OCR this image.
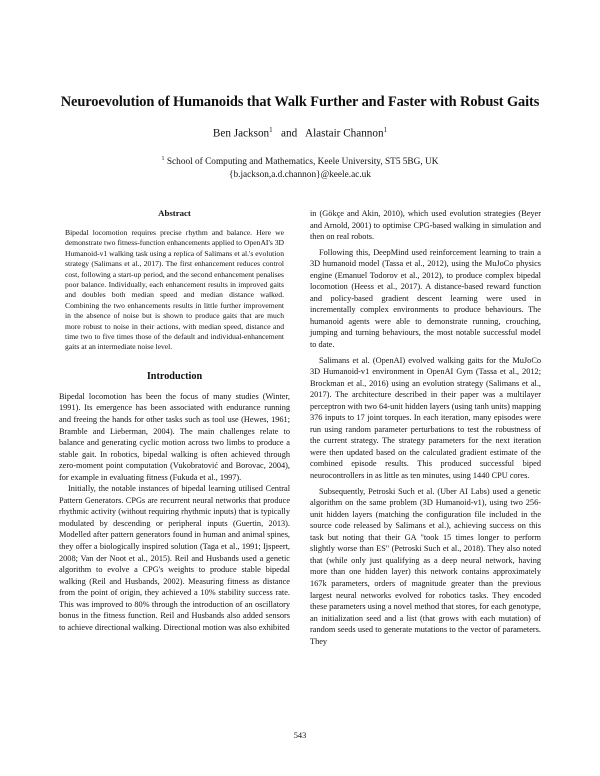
Neuroevolution of Humanoids that Walk Further and Faster with Robust Gaits
Ben Jackson$^1$ and Alastair Channon$^1$
$^1$ School of Computing and Mathematics, Keele University, ST5 5BG, UK
{b.jackson,a.d.channon}@keele.ac.uk
Abstract
Bipedal locomotion requires precise rhythm and balance. Here we demonstrate two fitness-function enhancements applied to OpenAI's 3D Humanoid-v1 walking task using a replica of Salimans et al.'s evolution strategy (Salimans et al., 2017). The first enhancement reduces control cost, following a start-up period, and the second enhancement penalises poor balance. Individually, each enhancement results in improved gaits and doubles both median speed and median distance walked. Combining the two enhancements results in little further improvement in the absence of noise but is shown to produce gaits that are much more robust to noise in their actions, with median speed, distance and time two to five times those of the default and individual-enhancement gaits at an intermediate noise level.
Introduction

Bipedal locomotion has been the focus of many studies (Winter, 1991). Its emergence has been associated with endurance running and freeing the hands for other tasks such as tool use (Hewes, 1961; Bramble and Lieberman, 2004). The main challenges relate to balance and generating cyclic motion across two limbs to produce a stable gait. In robotics, bipedal walking is often achieved through zero-moment point computation (Vukobratović and Borovac, 2004), for example in evaluating fitness (Fukuda et al., 1997).

Initially, the notable instances of bipedal learning utilised Central Pattern Generators. CPGs are recurrent neural networks that produce rhythmic activity (without requiring rhythmic inputs) that is typically modulated by descending or peripheral inputs (Guertin, 2013). Modelled after pattern generators found in human and animal spines, they offer a biologically inspired solution (Taga et al., 1991; Ijspeert, 2008; Van der Noot et al., 2015). Reil and Husbands used a genetic algorithm to evolve a CPG's weights to produce stable bipedal walking (Reil and Husbands, 2002). Measuring fitness as distance from the point of origin, they achieved a 10% stability success rate. This was improved to 80% through the introduction of an oscillatory bonus in the fitness function. Reil and Husbands also added sensors to achieve directional walking. Directional motion was also exhibited

in (Gökçe and Akin, 2010), which used evolution strategies (Beyer and Arnold, 2001) to optimise CPG-based walking in simulation and then on real robots.

Following this, DeepMind used reinforcement learning to train a 3D humanoid model (Tassa et al., 2012), using the MuJoCo physics engine (Emanuel Todorov et al., 2012), to produce complex bipedal locomotion (Heess et al., 2017). A distance-based reward function and policy-based gradient descent learning were used in incrementally complex environments to produce behaviours. The humanoid agents were able to demonstrate running, crouching, jumping and turning behaviours, the most notable successful model to date.

Salimans et al. (OpenAI) evolved walking gaits for the MuJoCo 3D Humanoid-v1 environment in OpenAI Gym (Tassa et al., 2012; Brockman et al., 2016) using an evolution strategy (Salimans et al., 2017). The architecture described in their paper was a multilayer perceptron with two 64-unit hidden layers (using tanh units) mapping 376 inputs to 17 joint torques. In each iteration, many episodes were run using random parameter perturbations to test the robustness of the current strategy. The strategy parameters for the next iteration were then updated based on the calculated gradient estimate of the combined episode results. This produced successful biped neurocontrollers in as little as ten minutes, using 1440 CPU cores.

Subsequently, Petroski Such et al. (Uber AI Labs) used a genetic algorithm on the same problem (3D Humanoid-v1), using two 256-unit hidden layers (matching the configuration file included in the source code released by Salimans et al.), achieving success on this task but noting that their GA "took 15 times longer to perform slightly worse than ES" (Petroski Such et al., 2018). They also noted that (while only just qualifying as a deep neural network, having more than one hidden layer) this network contains approximately 167k parameters, orders of magnitude greater than the previous largest neural networks evolved for robotics tasks. They encoded these parameters using a novel method that stores, for each genotype, an initialization seed and a list (that grows with each mutation) of random seeds used to generate mutations to the vector of parameters. They

543
